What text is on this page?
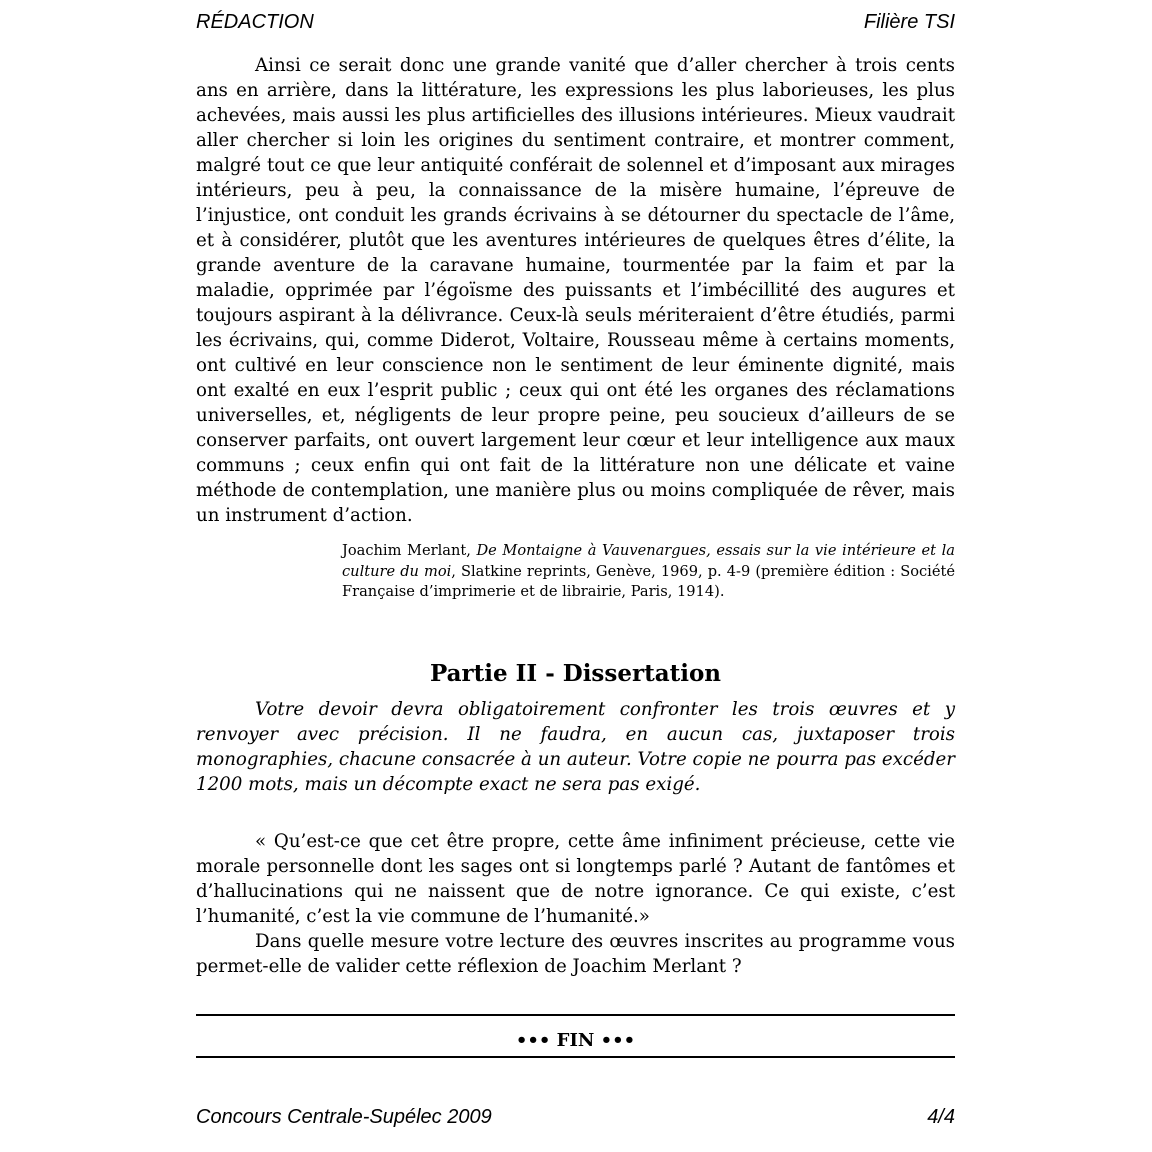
RÉDACTION	Filière TSI

Ainsi ce serait donc une grande vanité que d’aller chercher à trois cents ans en arrière, dans la littérature, les expressions les plus laborieuses, les plus achevées, mais aussi les plus artificielles des illusions intérieures. Mieux vaudrait aller chercher si loin les origines du sentiment contraire, et montrer comment, malgré tout ce que leur antiquité conférait de solennel et d’imposant aux mirages intérieurs, peu à peu, la connaissance de la misère humaine, l’épreuve de l’injustice, ont conduit les grands écrivains à se détourner du spectacle de l’âme, et à considérer, plutôt que les aventures intérieures de quelques êtres d’élite, la grande aventure de la caravane humaine, tourmentée par la faim et par la maladie, opprimée par l’égoïsme des puissants et l’imbécillité des augures et toujours aspirant à la délivrance. Ceux-là seuls mériteraient d’être étudiés, parmi les écrivains, qui, comme Diderot, Voltaire, Rousseau même à certains moments, ont cultivé en leur conscience non le sentiment de leur éminente dignité, mais ont exalté en eux l’esprit public ; ceux qui ont été les organes des réclamations universelles, et, négligents de leur propre peine, peu soucieux d’ailleurs de se conserver parfaits, ont ouvert largement leur cœur et leur intelligence aux maux communs ; ceux enfin qui ont fait de la littérature non une délicate et vaine méthode de contemplation, une manière plus ou moins compliquée de rêver, mais un instrument d’action.

Joachim Merlant, De Montaigne à Vauvenargues, essais sur la vie intérieure et la culture du moi, Slatkine reprints, Genève, 1969, p. 4-9 (première édition : Société Française d’imprimerie et de librairie, Paris, 1914).
Partie II - Dissertation

Votre devoir devra obligatoirement confronter les trois œuvres et y renvoyer avec précision. Il ne faudra, en aucun cas, juxtaposer trois monographies, chacune consacrée à un auteur. Votre copie ne pourra pas excéder 1200 mots, mais un décompte exact ne sera pas exigé.

« Qu’est-ce que cet être propre, cette âme infiniment précieuse, cette vie morale personnelle dont les sages ont si longtemps parlé ? Autant de fantômes et d’hallucinations qui ne naissent que de notre ignorance. Ce qui existe, c’est l’humanité, c’est la vie commune de l’humanité.»

Dans quelle mesure votre lecture des œuvres inscrites au programme vous permet-elle de valider cette réflexion de Joachim Merlant ?

••• FIN •••
Concours Centrale-Supélec 2009	4/4
